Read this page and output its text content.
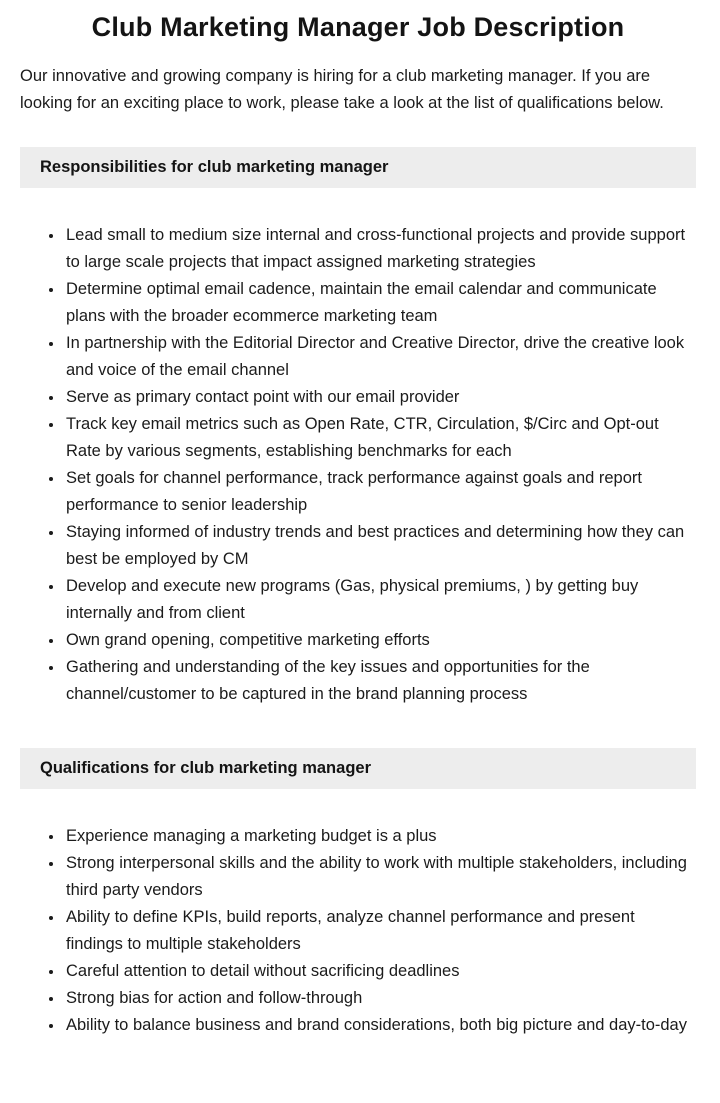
Club Marketing Manager Job Description

Our innovative and growing company is hiring for a club marketing manager. If you are looking for an exciting place to work, please take a look at the list of qualifications below.

Responsibilities for club marketing manager
• Lead small to medium size internal and cross-functional projects and provide support to large scale projects that impact assigned marketing strategies
• Determine optimal email cadence, maintain the email calendar and communicate plans with the broader ecommerce marketing team
• In partnership with the Editorial Director and Creative Director, drive the creative look and voice of the email channel
• Serve as primary contact point with our email provider
• Track key email metrics such as Open Rate, CTR, Circulation, $/Circ and Opt-out Rate by various segments, establishing benchmarks for each
• Set goals for channel performance, track performance against goals and report performance to senior leadership
• Staying informed of industry trends and best practices and determining how they can best be employed by CM
• Develop and execute new programs (Gas, physical premiums, ) by getting buy internally and from client
• Own grand opening, competitive marketing efforts
• Gathering and understanding of the key issues and opportunities for the channel/customer to be captured in the brand planning process
Qualifications for club marketing manager
• Experience managing a marketing budget is a plus
• Strong interpersonal skills and the ability to work with multiple stakeholders, including third party vendors
• Ability to define KPIs, build reports, analyze channel performance and present findings to multiple stakeholders
• Careful attention to detail without sacrificing deadlines
• Strong bias for action and follow-through
• Ability to balance business and brand considerations, both big picture and day-to-day
